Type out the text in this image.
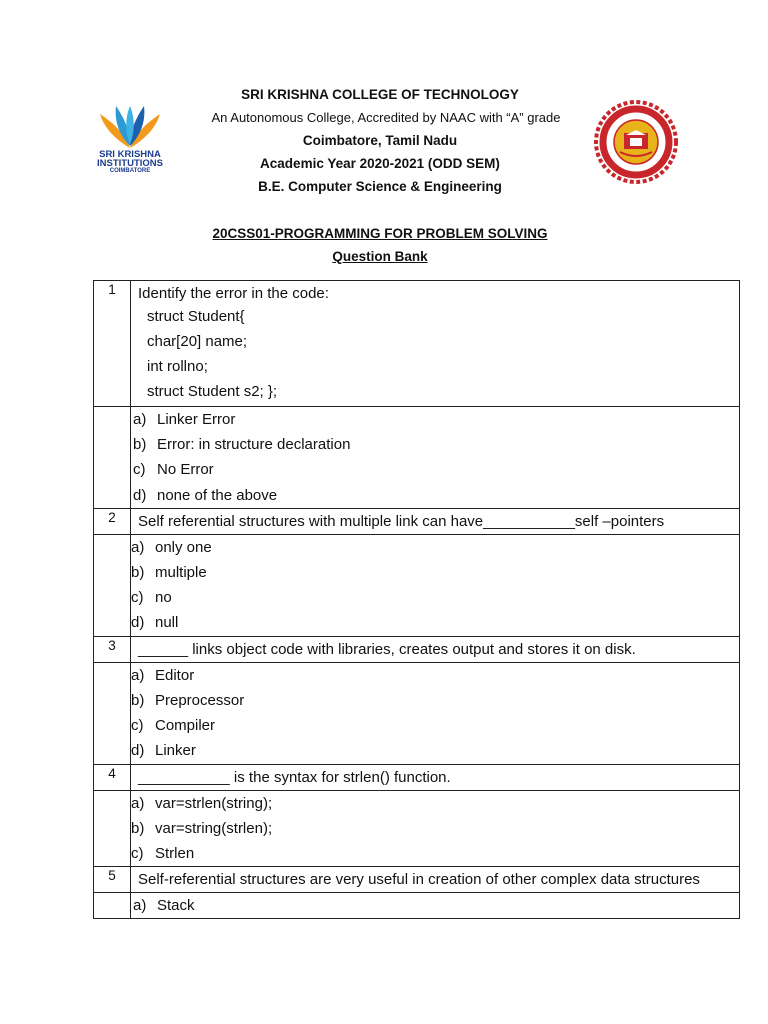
SRI KRISHNA
INSTITUTIONS
COIMBATORE
SRI KRISHNA COLLEGE OF TECHNOLOGY
An Autonomous College, Accredited by NAAC with “A” grade
Coimbatore, Tamil Nadu
Academic Year 2020-2021 (ODD SEM)
B.E. Computer Science & Engineering
20CSS01-PROGRAMMING FOR PROBLEM SOLVING
Question Bank
1	Identify the error in the code:
struct Student{
char[20] name;
int rollno;
struct Student s2; };

	a) Linker Error
b) Error: in structure declaration
c) No Error
d) none of the above

2	Self referential structures with multiple link can have___________self –pointers

	a) only one
b) multiple
c) no
d) null

3	______ links object code with libraries, creates output and stores it on disk.

	a) Editor
b) Preprocessor
c) Compiler
d) Linker

4	___________ is the syntax for strlen() function.

	a) var=strlen(string);
b) var=string(strlen);
c) Strlen

5	Self-referential structures are very useful in creation of other complex data structures

	a) Stack
